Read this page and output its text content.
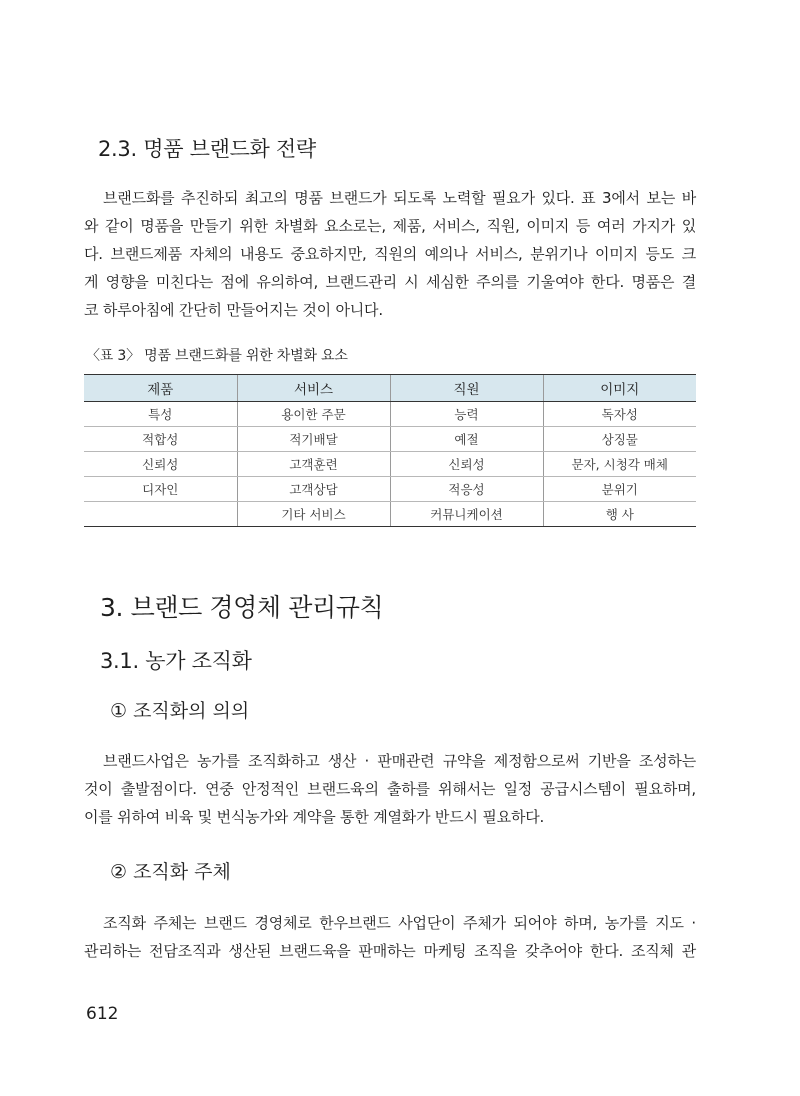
2.3. 명품 브랜드화 전략
브랜드화를 추진하되 최고의 명품 브랜드가 되도록 노력할 필요가 있다. 표 3에서 보는 바
와 같이 명품을 만들기 위한 차별화 요소로는, 제품, 서비스, 직원, 이미지 등 여러 가지가 있
다. 브랜드제품 자체의 내용도 중요하지만, 직원의 예의나 서비스, 분위기나 이미지 등도 크
게 영향을 미친다는 점에 유의하여, 브랜드관리 시 세심한 주의를 기울여야 한다. 명품은 결
코 하루아침에 간단히 만들어지는 것이 아니다.
〈표 3〉 명품 브랜드화를 위한 차별화 요소
제품	서비스	직원	이미지
특성	용이한 주문	능력	독자성
적합성	적기배달	예절	상징물
신뢰성	고객훈련	신뢰성	문자, 시청각 매체
디자인	고객상담	적응성	분위기
	기타 서비스	커뮤니케이션	행 사
3. 브랜드 경영체 관리규칙
3.1. 농가 조직화
① 조직화의 의의
브랜드사업은 농가를 조직화하고 생산 · 판매관련 규약을 제정함으로써 기반을 조성하는
것이 출발점이다. 연중 안정적인 브랜드육의 출하를 위해서는 일정 공급시스템이 필요하며,
이를 위하여 비육 및 번식농가와 계약을 통한 계열화가 반드시 필요하다.
② 조직화 주체
조직화 주체는 브랜드 경영체로 한우브랜드 사업단이 주체가 되어야 하며, 농가를 지도 ·
관리하는 전담조직과 생산된 브랜드육을 판매하는 마케팅 조직을 갖추어야 한다. 조직체 관
612
